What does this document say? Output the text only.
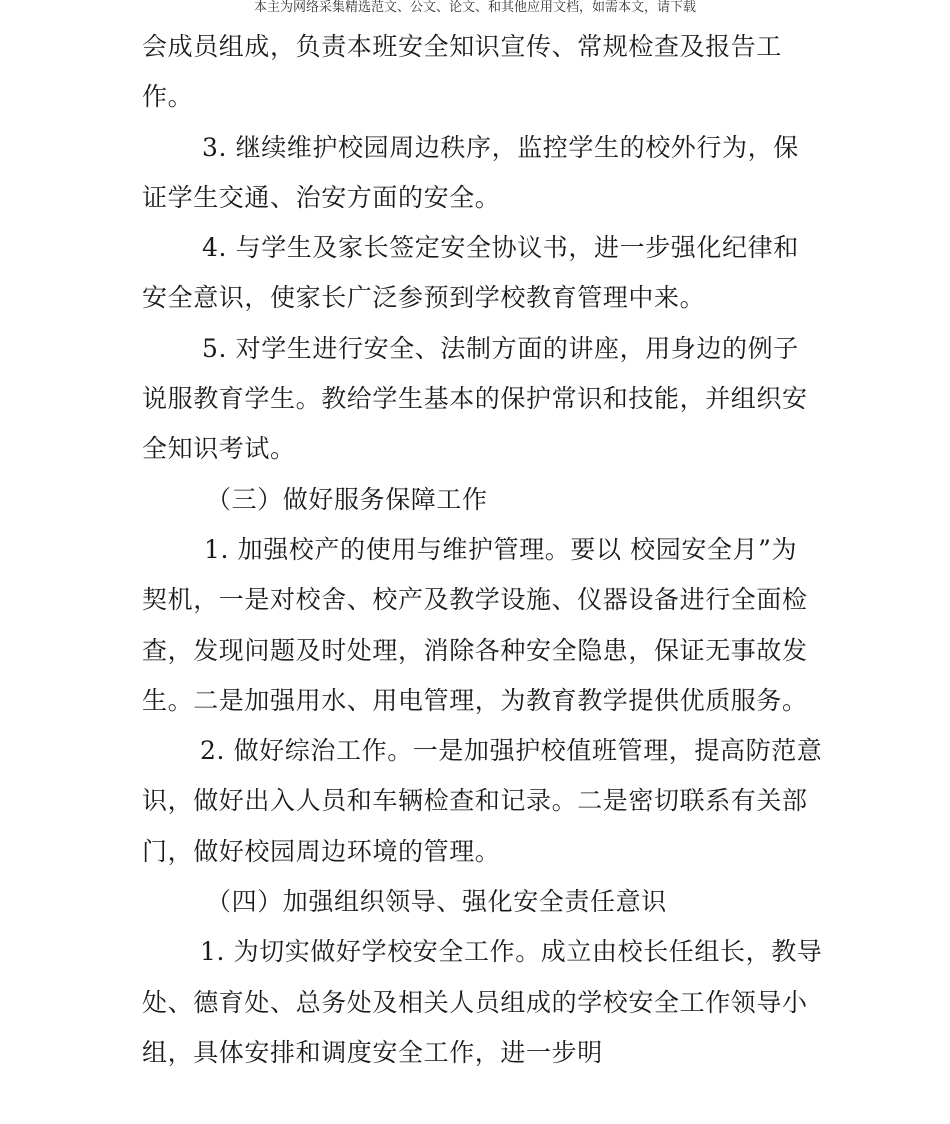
本主为网络采集精选范文、公文、论文、和其他应用文档，如需本文，请下载
会成员组成，负责本班安全知识宣传、常规检查及报告工
作。
3. 继续维护校园周边秩序，监控学生的校外行为，保
证学生交通、治安方面的安全。
4. 与学生及家长签定安全协议书，进一步强化纪律和
安全意识，使家长广泛参预到学校教育管理中来。
5. 对学生进行安全、法制方面的讲座，用身边的例子
说服教育学生。教给学生基本的保护常识和技能，并组织安
全知识考试。
（三）做好服务保障工作
1. 加强校产的使用与维护管理。要以 校园安全月”为
契机，一是对校舍、校产及教学设施、仪器设备进行全面检
查，发现问题及时处理，消除各种安全隐患，保证无事故发
生。二是加强用水、用电管理，为教育教学提供优质服务。
2. 做好综治工作。一是加强护校值班管理，提高防范意
识，做好出入人员和车辆检查和记录。二是密切联系有关部
门，做好校园周边环境的管理。
（四）加强组织领导、强化安全责任意识
1. 为切实做好学校安全工作。成立由校长任组长，教导
处、德育处、总务处及相关人员组成的学校安全工作领导小
组，具体安排和调度安全工作，进一步明
